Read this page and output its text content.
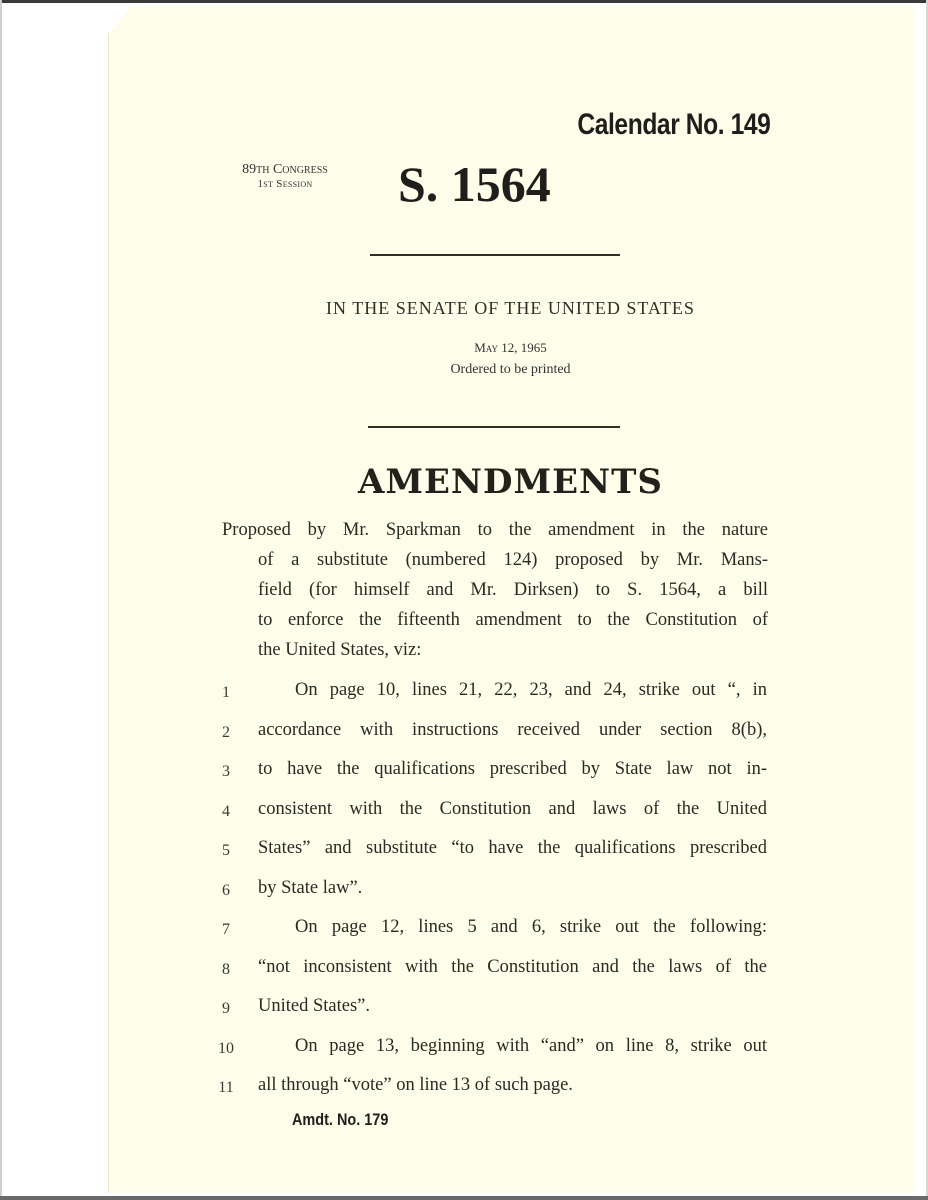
Calendar No. 149
89th Congress
1st Session	S. 1564
IN THE SENATE OF THE UNITED STATES
May 12, 1965
Ordered to be printed
AMENDMENTS
Proposed by Mr. Sparkman to the amendment in the nature
of a substitute (numbered 124) proposed by Mr. Mans-
field (for himself and Mr. Dirksen) to S. 1564, a bill
to enforce the fifteenth amendment to the Constitution of
the United States, viz:
1	On page 10, lines 21, 22, 23, and 24, strike out “, in
2	accordance with instructions received under section 8(b),
3	to have the qualifications prescribed by State law not in-
4	consistent with the Constitution and laws of the United
5	States” and substitute “to have the qualifications prescribed
6	by State law”.
7	On page 12, lines 5 and 6, strike out the following:
8	“not inconsistent with the Constitution and the laws of the
9	United States”.
10	On page 13, beginning with “and” on line 8, strike out
11	all through “vote” on line 13 of such page.
Amdt. No. 179
